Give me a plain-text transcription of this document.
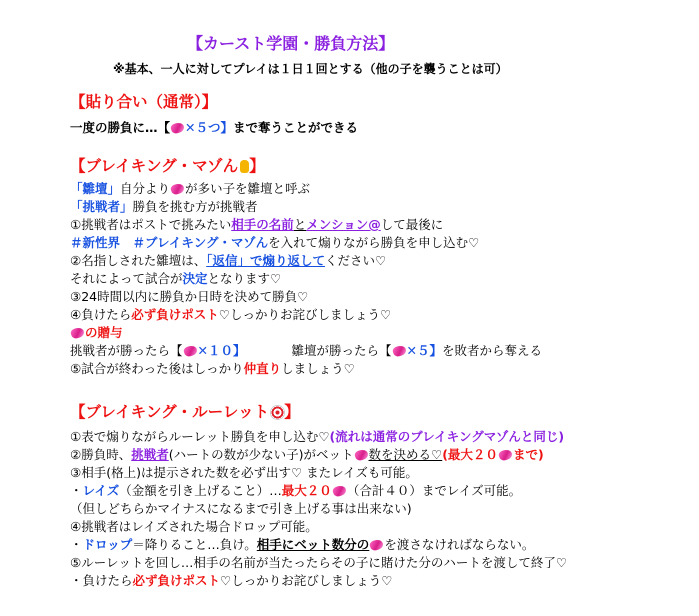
【カースト学園・勝負方法】
※基本、一人に対してプレイは１日１回とする（他の子を襲うことは可）
【貼り合い（通常）】
一度の勝負に…【 ✕５つ】まで奪うことができる
【ブレイキング・マゾん 】
「雛壇」自分より が多い子を雛壇と呼ぶ
「挑戦者」勝負を挑む方が挑戦者
①挑戦者はポストで挑みたい相手の名前とメンション@して最後に
＃新性界　＃ブレイキング・マゾんを入れて煽りながら勝負を申し込む♡
②名指しされた雛壇は、「返信」で煽り返してください♡
それによって試合が決定となります♡
③24時間以内に勝負か日時を決めて勝負♡
④負けたら必ず負けポスト♡しっかりお詫びしましょう♡
の贈与
挑戦者が勝ったら【 ✕１０】	雛壇が勝ったら【 ✕５】を敗者から奪える
⑤試合が終わった後はしっかり仲直りしましょう♡
【ブレイキング・ルーレット 】
①表で煽りながらルーレット勝負を申し込む♡(流れは通常のブレイキングマゾんと同じ)
②勝負時、挑戦者(ハートの数が少ない子)がベット 数を決める♡(最大２０ まで)
③相手(格上)は提示された数を必ず出す♡ またレイズも可能。
・レイズ（金額を引き上げること）…最大２０ （合計４０）までレイズ可能。
（但しどちらかマイナスになるまで引き上げる事は出来ない)
④挑戦者はレイズされた場合ドロップ可能。
・ドロップ＝降りること…負け。相手にベット数分の を渡さなければならない。
⑤ルーレットを回し…相手の名前が当たったらその子に賭けた分のハートを渡して終了♡
・負けたら必ず負けポスト♡しっかりお詫びしましょう♡
